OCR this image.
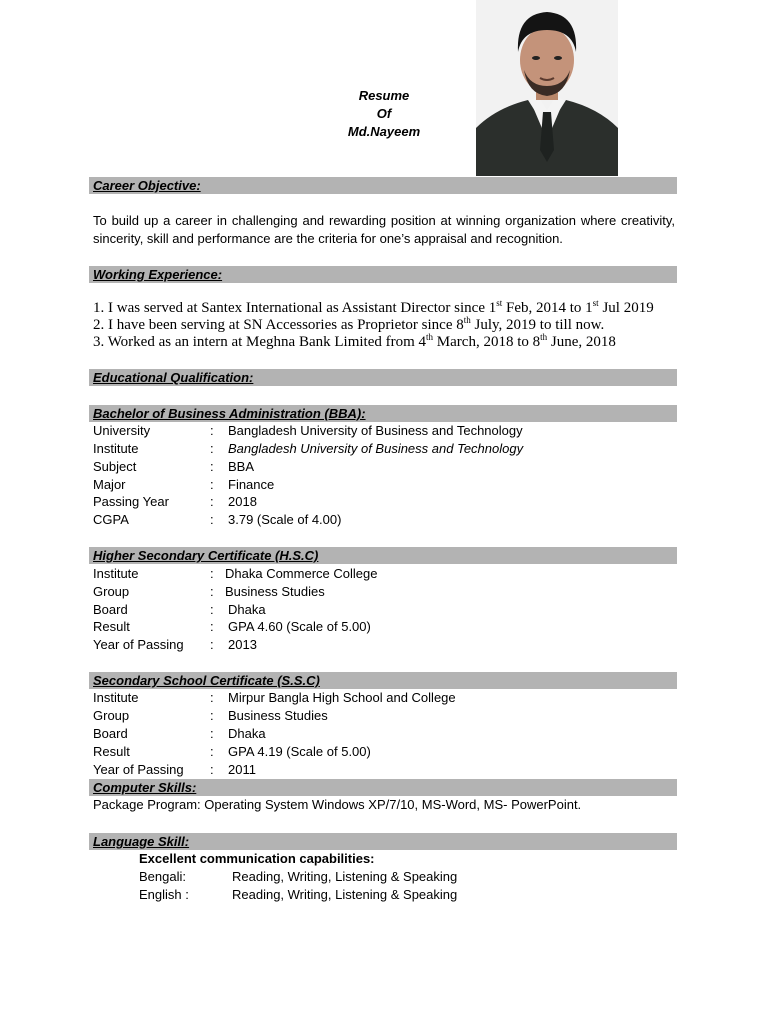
Resume
Of
Md.Nayeem
Career Objective:
To build up a career in challenging and rewarding position at winning organization where creativity, sincerity, skill and performance are the criteria for one’s appraisal and recognition.
Working Experience:
1. I was served at Santex International as Assistant Director since 1st Feb, 2014 to 1st Jul 2019
2. I have been serving at SN Accessories as Proprietor since 8th July, 2019 to till now.
3. Worked as an intern at Meghna Bank Limited from 4th March, 2018 to 8th June, 2018
Educational Qualification:
Bachelor of Business Administration (BBA):
University	: Bangladesh University of Business and Technology
Institute	: Bangladesh University of Business and Technology
Subject	: BBA
Major	: Finance
Passing Year	: 2018
CGPA	: 3.79 (Scale of 4.00)
Higher Secondary Certificate (H.S.C)
Institute	: Dhaka Commerce College
Group	: Business Studies
Board	: Dhaka
Result	: GPA 4.60 (Scale of 5.00)
Year of Passing : 2013
Secondary School Certificate (S.S.C)
Institute	: Mirpur Bangla High School and College
Group	: Business Studies
Board	: Dhaka
Result	: GPA 4.19 (Scale of 5.00)
Year of Passing : 2011
Computer Skills:
Package Program: Operating System Windows XP/7/10, MS-Word, MS- PowerPoint.
Language Skill:
Excellent communication capabilities:
Bengali:	Reading, Writing, Listening & Speaking
English :	Reading, Writing, Listening & Speaking
